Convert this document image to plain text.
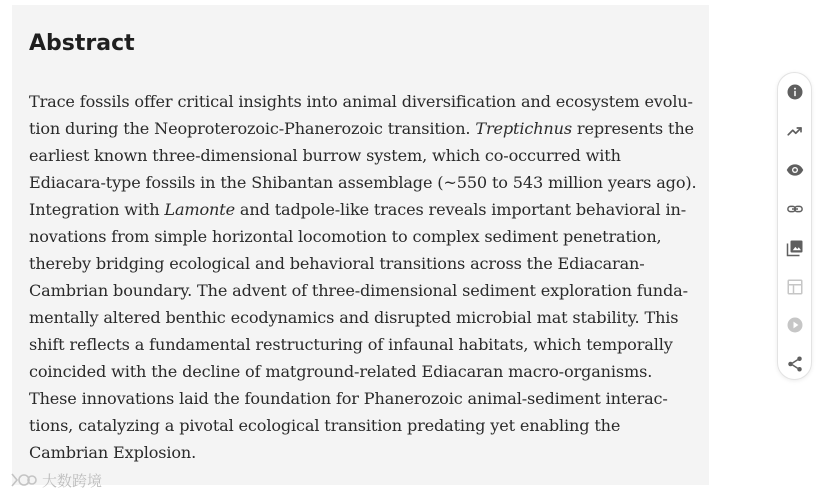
Abstract

Trace fossils offer critical insights into animal diversification and ecosystem evolu-
tion during the Neoproterozoic-Phanerozoic transition. Treptichnus represents the
earliest known three-dimensional burrow system, which co-occurred with
Ediacara-type fossils in the Shibantan assemblage (~550 to 543 million years ago).
Integration with Lamonte and tadpole-like traces reveals important behavioral in-
novations from simple horizontal locomotion to complex sediment penetration,
thereby bridging ecological and behavioral transitions across the Ediacaran-
Cambrian boundary. The advent of three-dimensional sediment exploration funda-
mentally altered benthic ecodynamics and disrupted microbial mat stability. This
shift reflects a fundamental restructuring of infaunal habitats, which temporally
coincided with the decline of matground-related Ediacaran macro-organisms.
These innovations laid the foundation for Phanerozoic animal-sediment interac-
tions, catalyzing a pivotal ecological transition predating yet enabling the
Cambrian Explosion.

大数跨境
